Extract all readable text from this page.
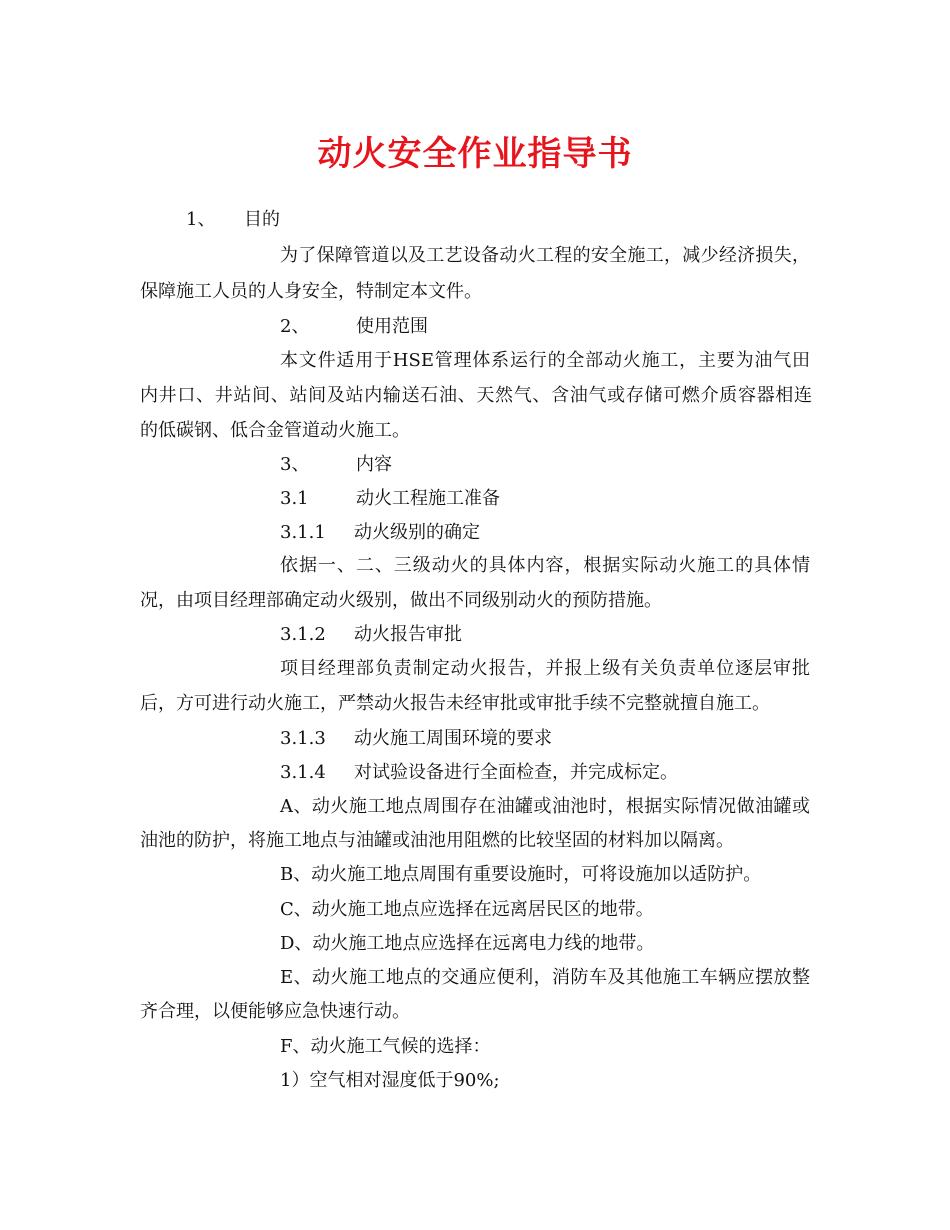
动火安全作业指导书
1、 目的
为了保障管道以及工艺设备动火工程的安全施工，减少经济损失，
保障施工人员的人身安全，特制定本文件。
2、	使用范围
本文件适用于HSE管理体系运行的全部动火施工，主要为油气田
内井口、井站间、站间及站内输送石油、天然气、含油气或存储可燃介质容器相连
的低碳钢、低合金管道动火施工。
3、	内容
3.1	动火工程施工准备
3.1.1 动火级别的确定
依据一、二、三级动火的具体内容，根据实际动火施工的具体情
况，由项目经理部确定动火级别，做出不同级别动火的预防措施。
3.1.2 动火报告审批
项目经理部负责制定动火报告，并报上级有关负责单位逐层审批
后，方可进行动火施工，严禁动火报告未经审批或审批手续不完整就擅自施工。
3.1.3 动火施工周围环境的要求
3.1.4 对试验设备进行全面检查，并完成标定。
A、动火施工地点周围存在油罐或油池时，根据实际情况做油罐或
油池的防护，将施工地点与油罐或油池用阻燃的比较坚固的材料加以隔离。
B、动火施工地点周围有重要设施时，可将设施加以适防护。
C、动火施工地点应选择在远离居民区的地带。
D、动火施工地点应选择在远离电力线的地带。
E、动火施工地点的交通应便利，消防车及其他施工车辆应摆放整
齐合理，以便能够应急快速行动。
F、动火施工气候的选择：
1）空气相对湿度低于90%;
